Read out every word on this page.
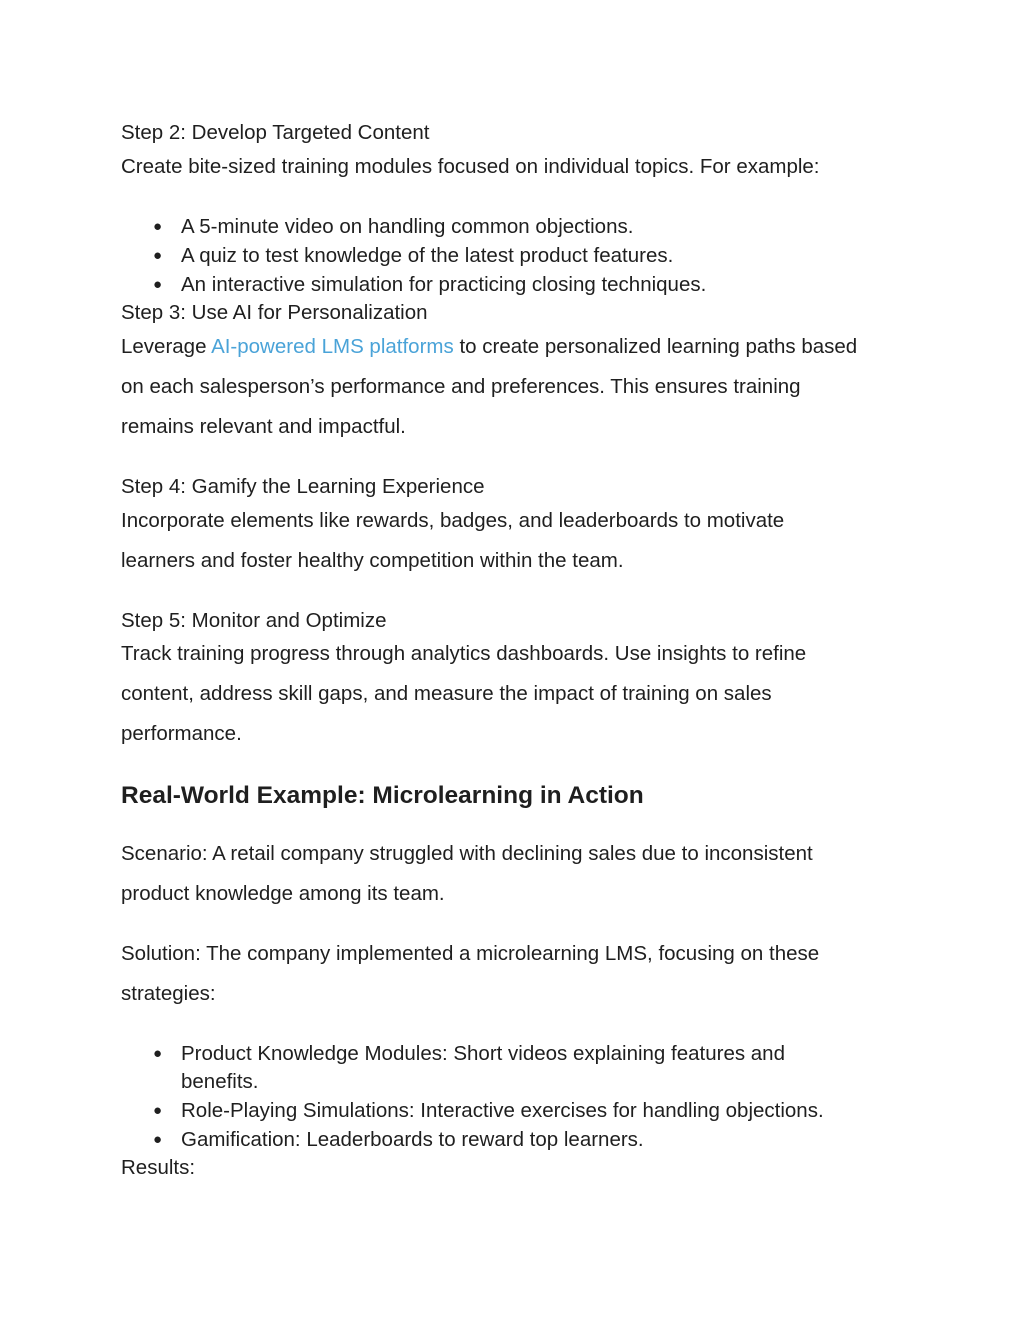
Step 2: Develop Targeted Content
Create bite-sized training modules focused on individual topics. For example:
● A 5-minute video on handling common objections.
● A quiz to test knowledge of the latest product features.
● An interactive simulation for practicing closing techniques.
Step 3: Use AI for Personalization
Leverage AI-powered LMS platforms to create personalized learning paths based
on each salesperson’s performance and preferences. This ensures training
remains relevant and impactful.
Step 4: Gamify the Learning Experience
Incorporate elements like rewards, badges, and leaderboards to motivate
learners and foster healthy competition within the team.
Step 5: Monitor and Optimize
Track training progress through analytics dashboards. Use insights to refine
content, address skill gaps, and measure the impact of training on sales
performance.
Real-World Example: Microlearning in Action
Scenario: A retail company struggled with declining sales due to inconsistent
product knowledge among its team.
Solution: The company implemented a microlearning LMS, focusing on these
strategies:
● Product Knowledge Modules: Short videos explaining features and
benefits.
● Role-Playing Simulations: Interactive exercises for handling objections.
● Gamification: Leaderboards to reward top learners.
Results:
